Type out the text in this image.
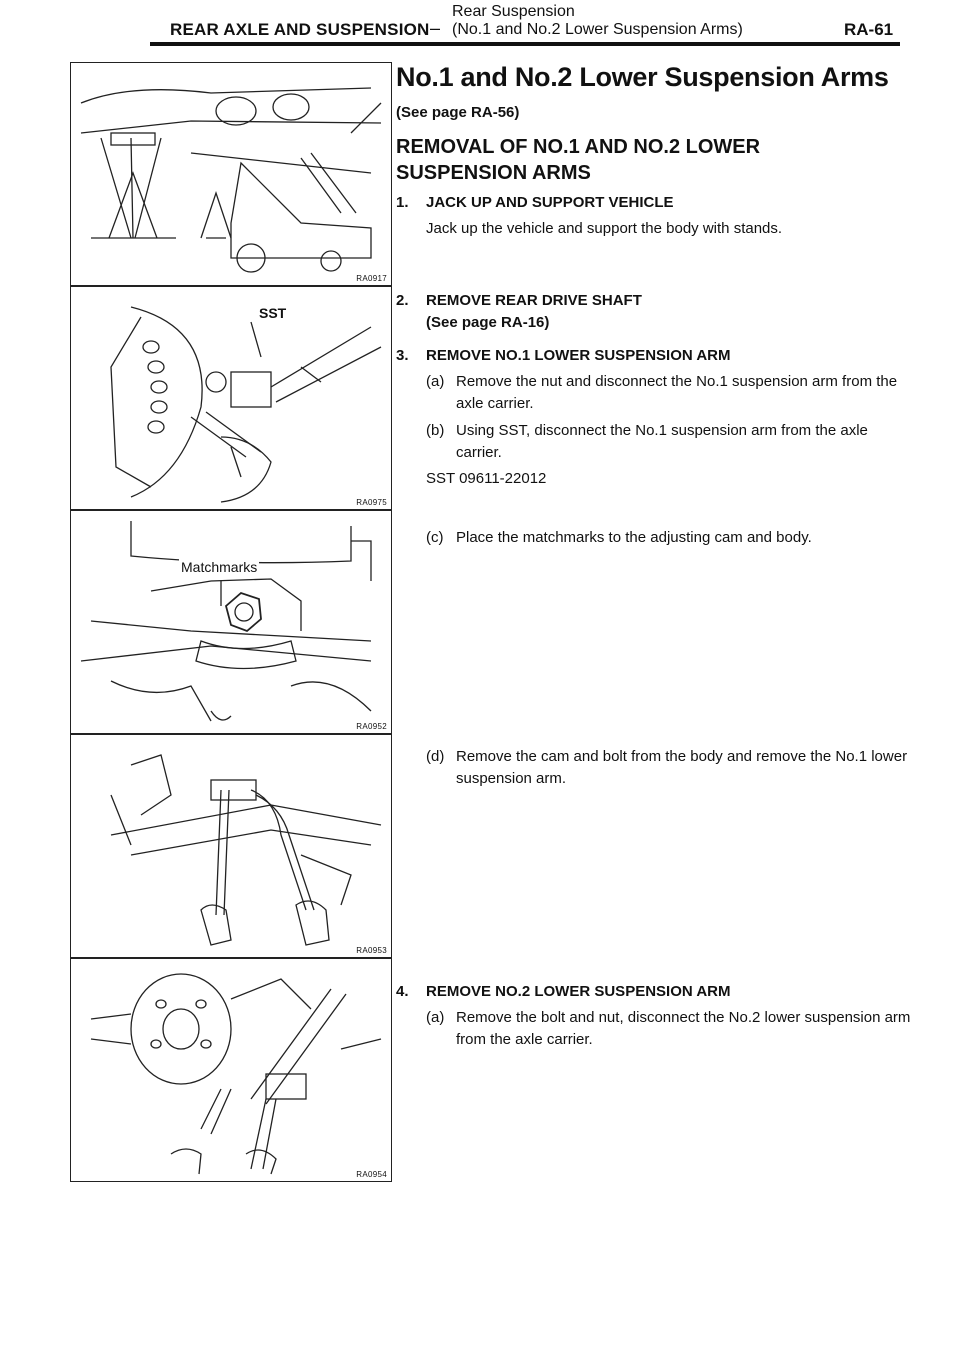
REAR AXLE AND SUSPENSION –
Rear Suspension
(No.1 and No.2 Lower Suspension Arms)	RA-61
RA0917
SST
RA0975
Matchmarks
RA0952
RA0953
RA0954
No.1 and No.2 Lower Suspension Arms
(See page RA-56)
REMOVAL OF NO.1 AND NO.2 LOWER SUSPENSION ARMS
1. JACK UP AND SUPPORT VEHICLE
Jack up the vehicle and support the body with stands.
2. REMOVE REAR DRIVE SHAFT
(See page RA-16)
3. REMOVE NO.1 LOWER SUSPENSION ARM
(a) Remove the nut and disconnect the No.1 suspension arm from the axle carrier.
(b) Using SST, disconnect the No.1 suspension arm from the axle carrier.
SST 09611-22012
(c) Place the matchmarks to the adjusting cam and body.
(d) Remove the cam and bolt from the body and remove the No.1 lower suspension arm.
4. REMOVE NO.2 LOWER SUSPENSION ARM
(a) Remove the bolt and nut, disconnect the No.2 lower suspension arm from the axle carrier.
